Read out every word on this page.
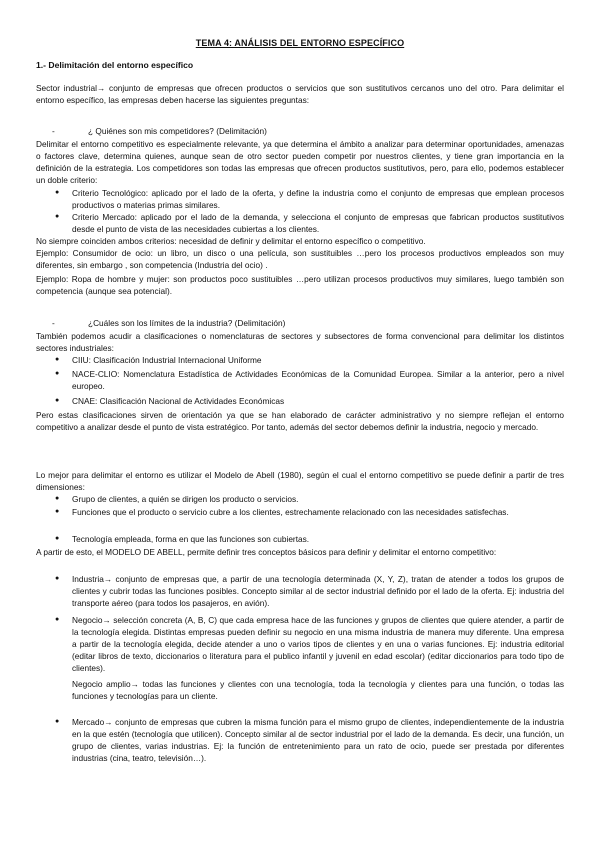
TEMA 4: ANÁLISIS DEL ENTORNO ESPECÍFICO
1.- Delimitación del entorno específico

Sector industrial→ conjunto de empresas que ofrecen productos o servicios que son sustitutivos cercanos uno del otro. Para delimitar el entorno específico, las empresas deben hacerse las siguientes preguntas:

-	¿ Quiénes son mis competidores? (Delimitación)

Delimitar el entorno competitivo es especialmente relevante, ya que determina el ámbito a analizar para determinar oportunidades, amenazas o factores clave, determina quienes, aunque sean de otro sector pueden competir por nuestros clientes, y tiene gran importancia en la definición de la estrategia. Los competidores son todas las empresas que ofrecen productos sustitutivos, pero, para ello, podemos establecer un doble criterio:

● Criterio Tecnológico: aplicado por el lado de la oferta, y define la industria como el conjunto de empresas que emplean procesos productivos o materias primas similares.
● Criterio Mercado: aplicado por el lado de la demanda, y selecciona el conjunto de empresas que fabrican productos sustitutivos desde el punto de vista de las necesidades cubiertas a los clientes.

No siempre coinciden ambos criterios: necesidad de definir y delimitar el entorno específico o competitivo.

Ejemplo: Consumidor de ocio: un libro, un disco o una película, son sustituibles …pero los procesos productivos empleados son muy diferentes, sin embargo , son competencia (Industria del ocio) .

Ejemplo: Ropa de hombre y mujer: son productos poco sustituibles …pero utilizan procesos productivos muy similares, luego también son competencia (aunque sea potencial).

-	¿Cuáles son los límites de la industria? (Delimitación)

También podemos acudir a clasificaciones o nomenclaturas de sectores y subsectores de forma convencional para delimitar los distintos sectores industriales:

● CIIU: Clasificación Industrial Internacional Uniforme
● NACE-CLIO: Nomenclatura Estadística de Actividades Económicas de la Comunidad Europea. Similar a la anterior, pero a nivel europeo.
● CNAE: Clasificación Nacional de Actividades Económicas

Pero estas clasificaciones sirven de orientación ya que se han elaborado de carácter administrativo y no siempre reflejan el entorno competitivo a analizar desde el punto de vista estratégico. Por tanto, además del sector debemos definir la industria, negocio y mercado.

Lo mejor para delimitar el entorno es utilizar el Modelo de Abell (1980), según el cual el entorno competitivo se puede definir a partir de tres dimensiones:

● Grupo de clientes, a quién se dirigen los producto o servicios.
● Funciones que el producto o servicio cubre a los clientes, estrechamente relacionado con las necesidades satisfechas.
● Tecnología empleada, forma en que las funciones son cubiertas.

A partir de esto, el MODELO DE ABELL, permite definir tres conceptos básicos para definir y delimitar el entorno competitivo:

● Industria→ conjunto de empresas que, a partir de una tecnología determinada (X, Y, Z), tratan de atender a todos los grupos de clientes y cubrir todas las funciones posibles. Concepto similar al de sector industrial definido por el lado de la oferta. Ej: industria del transporte aéreo (para todos los pasajeros, en avión).
● Negocio→ selección concreta (A, B, C) que cada empresa hace de las funciones y grupos de clientes que quiere atender, a partir de la tecnología elegida. Distintas empresas pueden definir su negocio en una misma industria de manera muy diferente. Una empresa a partir de la tecnología elegida, decide atender a uno o varios tipos de clientes y en una o varias funciones. Ej: industria editorial (editar libros de texto, diccionarios o literatura para el publico infantil y juvenil en edad escolar) (editar diccionarios para todo tipo de clientes).
Negocio amplio→ todas las funciones y clientes con una tecnología, toda la tecnología y clientes para una función, o todas las funciones y tecnologías para un cliente.
● Mercado→ conjunto de empresas que cubren la misma función para el mismo grupo de clientes, independientemente de la industria en la que estén (tecnología que utilicen). Concepto similar al de sector industrial por el lado de la demanda. Es decir, una función, un grupo de clientes, varias industrias. Ej: la función de entretenimiento para un rato de ocio, puede ser prestada por diferentes industrias (cina, teatro, televisión…).
